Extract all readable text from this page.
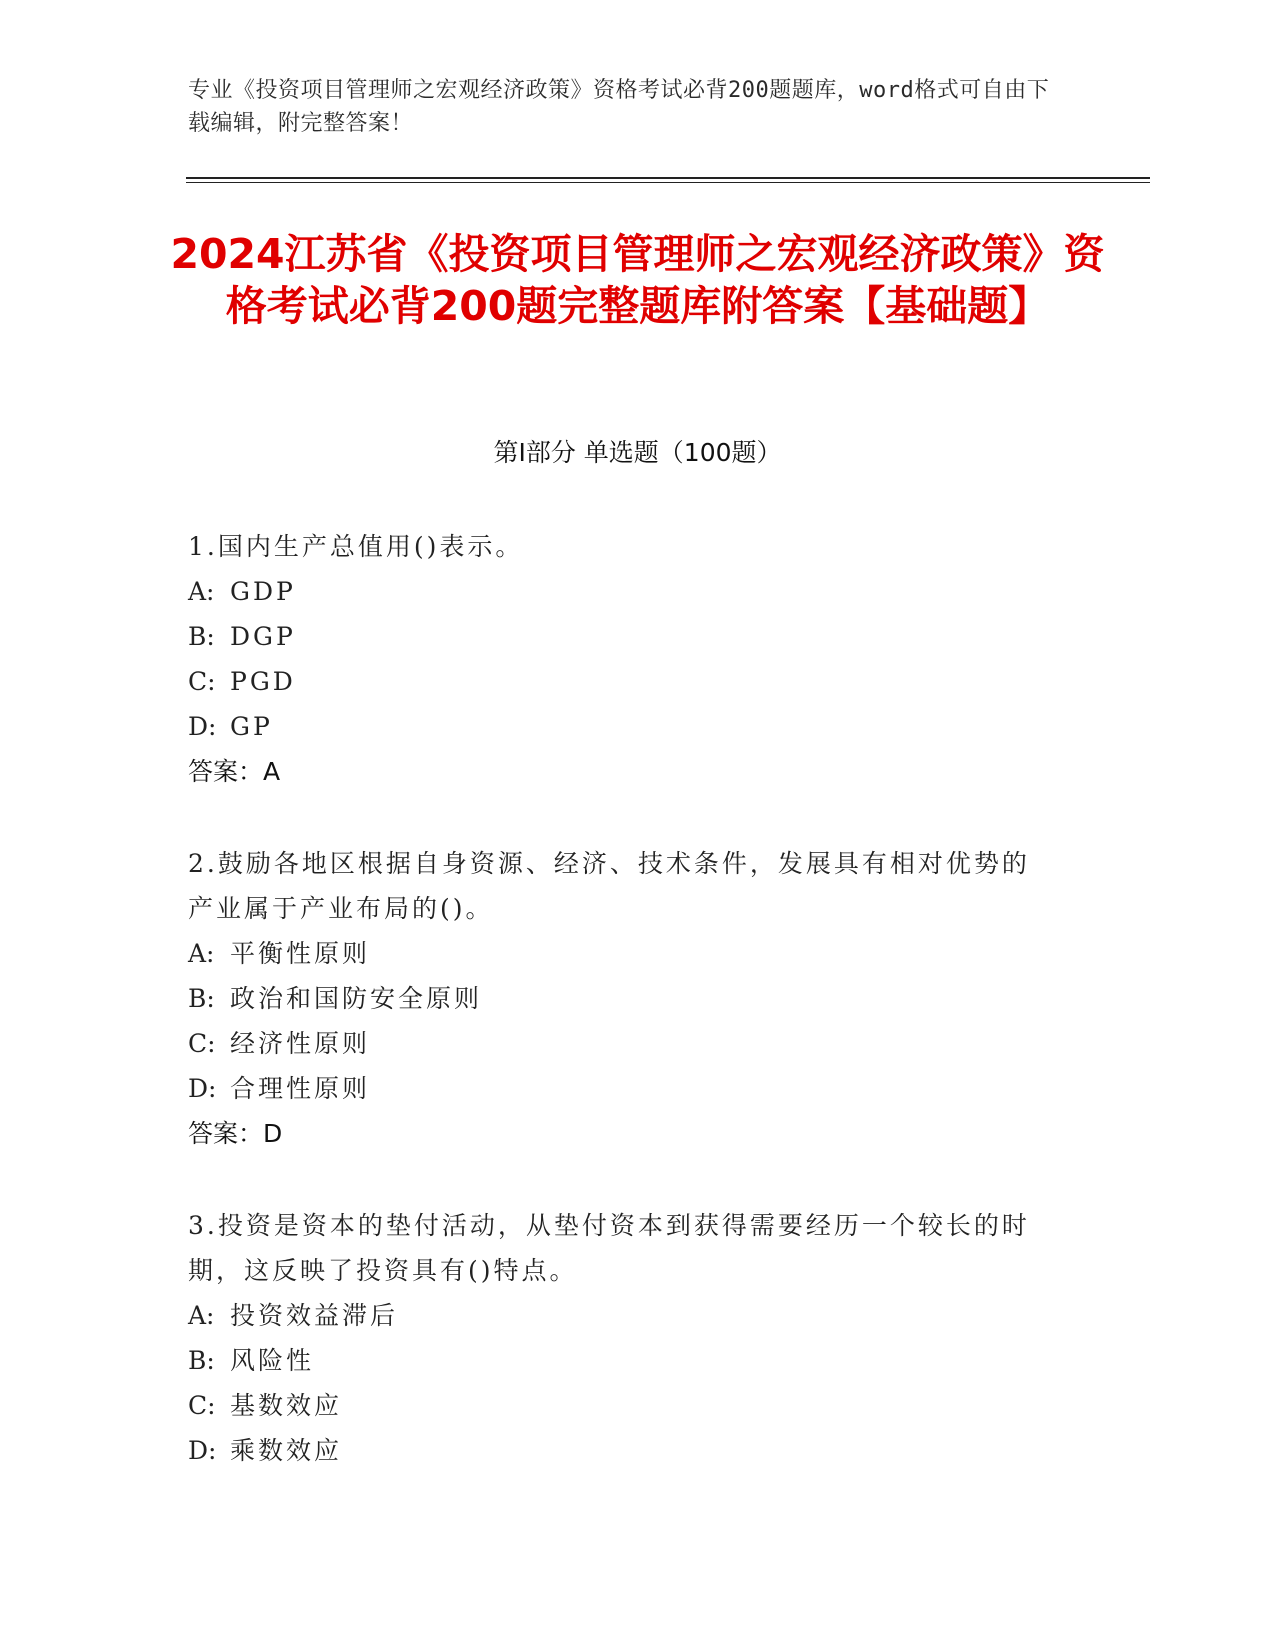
专业《投资项目管理师之宏观经济政策》资格考试必背200题题库，word格式可自由下载编辑，附完整答案！
2024江苏省《投资项目管理师之宏观经济政策》资格考试必背200题完整题库附答案【基础题】
第I部分 单选题（100题）
1.国内生产总值用()表示。
A: GDP
B: DGP
C: PGD
D: GP
答案：A
2.鼓励各地区根据自身资源、经济、技术条件，发展具有相对优势的
产业属于产业布局的()。
A: 平衡性原则
B: 政治和国防安全原则
C: 经济性原则
D: 合理性原则
答案：D
3.投资是资本的垫付活动，从垫付资本到获得需要经历一个较长的时
期，这反映了投资具有()特点。
A: 投资效益滞后
B: 风险性
C: 基数效应
D: 乘数效应
